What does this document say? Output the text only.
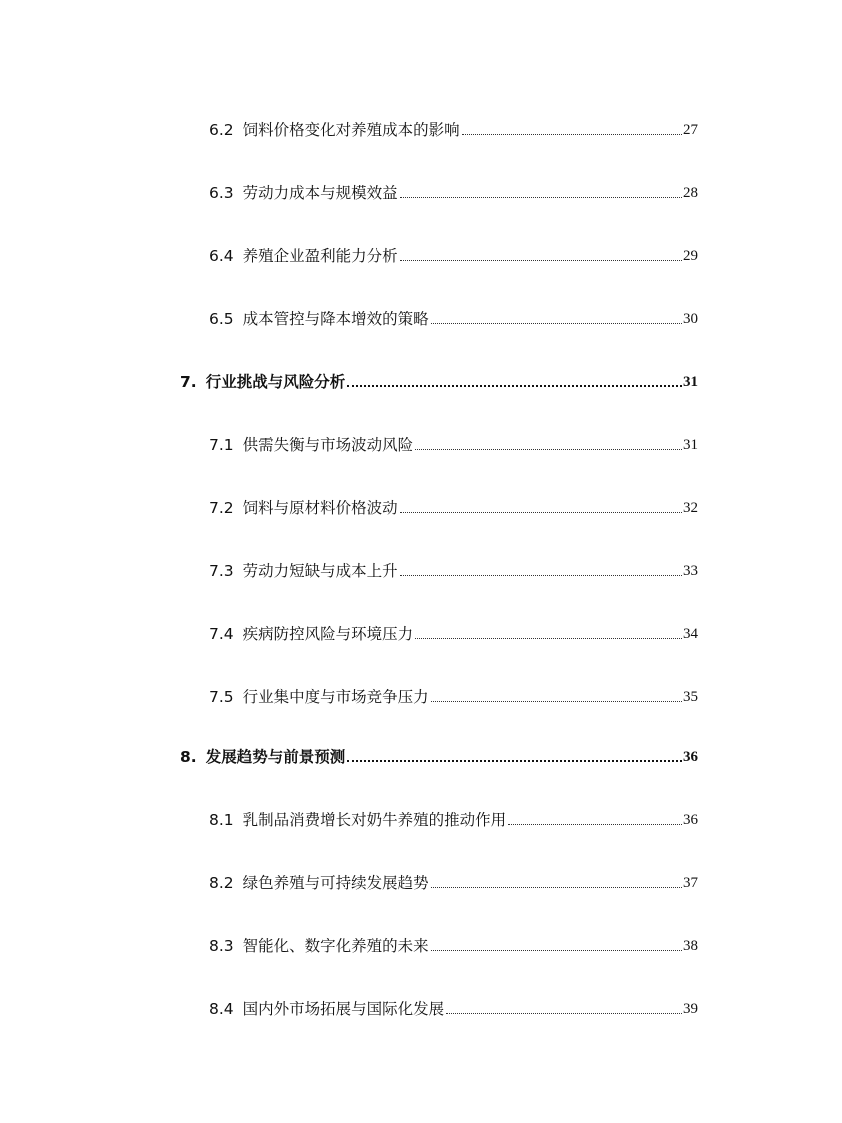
6.2 饲料价格变化对养殖成本的影响	27
6.3 劳动力成本与规模效益	28
6.4 养殖企业盈利能力分析	29
6.5 成本管控与降本增效的策略	30
7. 行业挑战与风险分析	31
7.1 供需失衡与市场波动风险	31
7.2 饲料与原材料价格波动	32
7.3 劳动力短缺与成本上升	33
7.4 疾病防控风险与环境压力	34
7.5 行业集中度与市场竞争压力	35
8. 发展趋势与前景预测	36
8.1 乳制品消费增长对奶牛养殖的推动作用	36
8.2 绿色养殖与可持续发展趋势	37
8.3 智能化、数字化养殖的未来	38
8.4 国内外市场拓展与国际化发展	39
